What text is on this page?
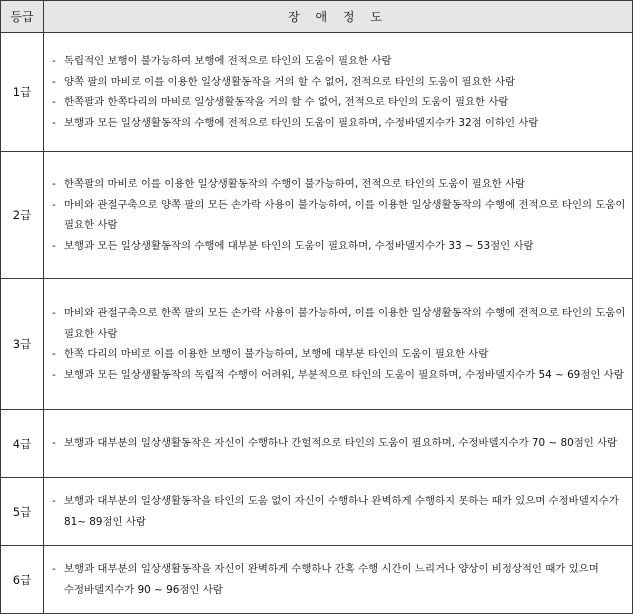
등급	장 애 정 도
1급	- 독립적인 보행이 불가능하여 보행에 전적으로 타인의 도움이 필요한 사람
- 양쪽 팔의 마비로 이를 이용한 일상생활동작을 거의 할 수 없어, 전적으로 타인의 도움이 필요한 사람
- 한쪽팔과 한쪽다리의 마비로 일상생활동작을 거의 할 수 없어, 전적으로 타인의 도움이 필요한 사람
- 보행과 모든 일상생활동작의 수행에 전적으로 타인의 도움이 필요하며, 수정바델지수가 32점 이하인 사람

2급	- 한쪽팔의 마비로 이를 이용한 일상생활동작의 수행이 불가능하여, 전적으로 타인의 도움이 필요한 사람
- 마비와 관절구축으로 양쪽 팔의 모든 손가락 사용이 불가능하여, 이를 이용한 일상생활동작의 수행에 전적으로 타인의 도움이 필요한 사람
- 보행과 모든 일상생활동작의 수행에 대부분 타인의 도움이 필요하며, 수정바델지수가 33 ~ 53점인 사람

3급	- 마비와 관절구축으로 한쪽 팔의 모든 손가락 사용이 불가능하여, 이를 이용한 일상생활동작의 수행에 전적으로 타인의 도움이 필요한 사람
- 한쪽 다리의 마비로 이를 이용한 보행이 불가능하여, 보행에 대부분 타인의 도움이 필요한 사람
- 보행과 모든 일상생활동작의 독립적 수행이 어려워, 부분적으로 타인의 도움이 필요하며, 수정바델지수가 54 ~ 69점인 사람

4급	- 보행과 대부분의 일상생활동작은 자신이 수행하나 간헐적으로 타인의 도움이 필요하며, 수정바델지수가 70 ~ 80점인 사람

5급	- 보행과 대부분의 일상생활동작을 타인의 도움 없이 자신이 수행하나 완벽하게 수행하지 못하는 때가 있으며 수정바델지수가 81~ 89점인 사람

6급	- 보행과 대부분의 일상생활동작을 자신이 완벽하게 수행하나 간혹 수행 시간이 느리거나 양상이 비정상적인 때가 있으며 수정바델지수가 90 ~ 96점인 사람
